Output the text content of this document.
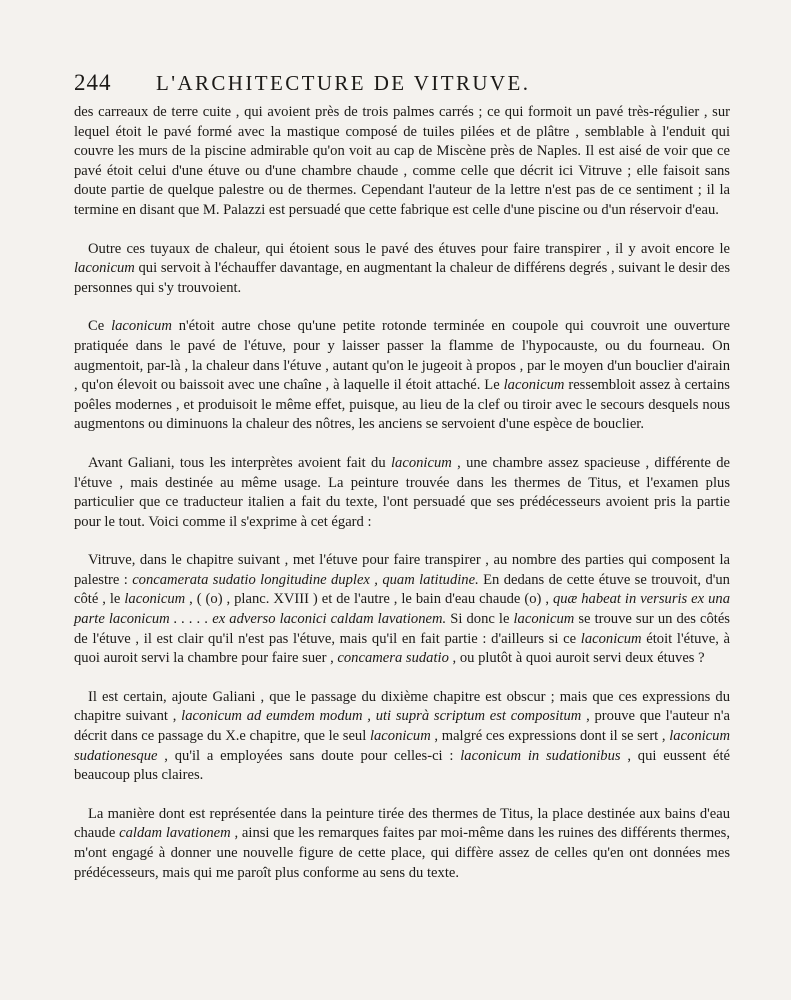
244 L'ARCHITECTURE DE VITRUVE.

des carreaux de terre cuite , qui avoient près de trois palmes carrés ; ce qui formoit un pavé très-régulier , sur lequel étoit le pavé formé avec la mastique composé de tuiles pilées et de plâtre , semblable à l'enduit qui couvre les murs de la piscine admirable qu'on voit au cap de Miscène près de Naples. Il est aisé de voir que ce pavé étoit celui d'une étuve ou d'une chambre chaude , comme celle que décrit ici Vitruve ; elle faisoit sans doute partie de quelque palestre ou de thermes. Cependant l'auteur de la lettre n'est pas de ce sentiment ; il la termine en disant que M. Palazzi est persuadé que cette fabrique est celle d'une piscine ou d'un réservoir d'eau.

Outre ces tuyaux de chaleur, qui étoient sous le pavé des étuves pour faire transpirer , il y avoit encore le laconicum qui servoit à l'échauffer davantage, en augmentant la chaleur de différens degrés , suivant le desir des personnes qui s'y trouvoient.

Ce laconicum n'étoit autre chose qu'une petite rotonde terminée en coupole qui couvroit une ouverture pratiquée dans le pavé de l'étuve, pour y laisser passer la flamme de l'hypocauste, ou du fourneau. On augmentoit, par-là , la chaleur dans l'étuve , autant qu'on le jugeoit à propos , par le moyen d'un bouclier d'airain , qu'on élevoit ou baissoit avec une chaîne , à laquelle il étoit attaché. Le laconicum ressembloit assez à certains poêles modernes , et produisoit le même effet, puisque, au lieu de la clef ou tiroir avec le secours desquels nous augmentons ou diminuons la chaleur des nôtres, les anciens se servoient d'une espèce de bouclier.

Avant Galiani, tous les interprètes avoient fait du laconicum , une chambre assez spacieuse , différente de l'étuve , mais destinée au même usage. La peinture trouvée dans les thermes de Titus, et l'examen plus particulier que ce traducteur italien a fait du texte, l'ont persuadé que ses prédécesseurs avoient pris la partie pour le tout. Voici comme il s'exprime à cet égard :

Vitruve, dans le chapitre suivant , met l'étuve pour faire transpirer , au nombre des parties qui composent la palestre : concamerata sudatio longitudine duplex , quam latitudine. En dedans de cette étuve se trouvoit, d'un côté , le laconicum , ( (o) , planc. XVIII ) et de l'autre , le bain d'eau chaude (o) , quæ habeat in versuris ex una parte laconicum . . . . . ex adverso laconici caldam lavationem. Si donc le laconicum se trouve sur un des côtés de l'étuve , il est clair qu'il n'est pas l'étuve, mais qu'il en fait partie : d'ailleurs si ce laconicum étoit l'étuve, à quoi auroit servi la chambre pour faire suer , concamera sudatio , ou plutôt à quoi auroit servi deux étuves ?

Il est certain, ajoute Galiani , que le passage du dixième chapitre est obscur ; mais que ces expressions du chapitre suivant , laconicum ad eumdem modum , uti suprà scriptum est compositum , prouve que l'auteur n'a décrit dans ce passage du X.e chapitre, que le seul laconicum , malgré ces expressions dont il se sert , laconicum sudationesque , qu'il a employées sans doute pour celles-ci : laconicum in sudationibus , qui eussent été beaucoup plus claires.

La manière dont est représentée dans la peinture tirée des thermes de Titus, la place destinée aux bains d'eau chaude caldam lavationem , ainsi que les remarques faites par moi-même dans les ruines des différents thermes, m'ont engagé à donner une nouvelle figure de cette place, qui diffère assez de celles qu'en ont données mes prédécesseurs, mais qui me paroît plus conforme au sens du texte.
